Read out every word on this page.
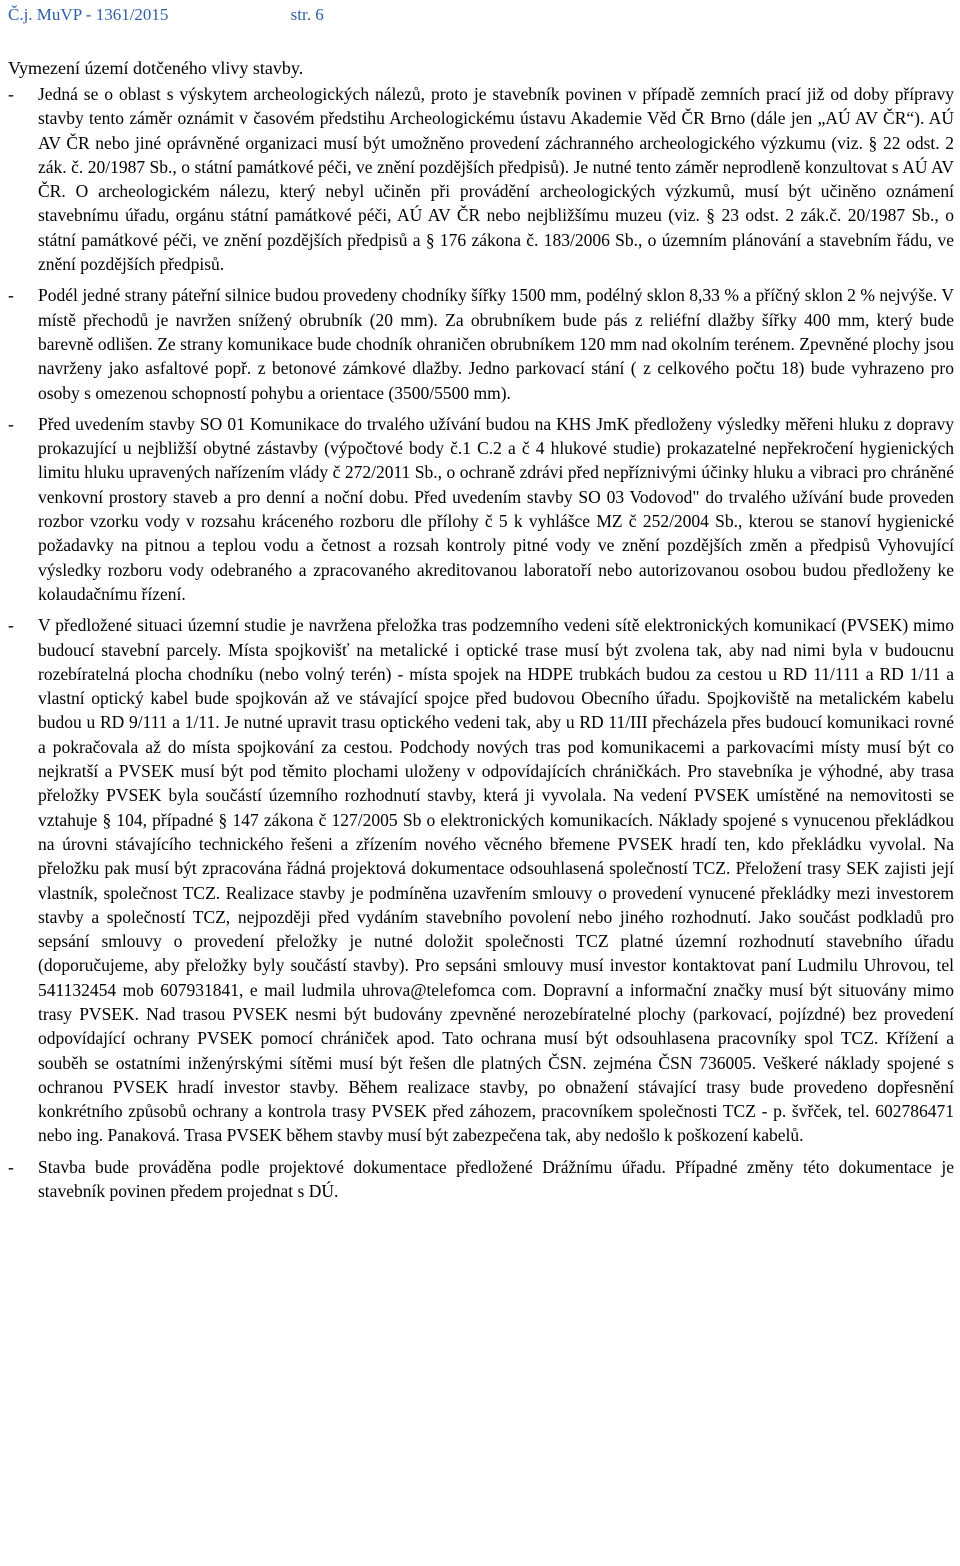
Č.j. MuVP - 1361/2015	str. 6
Vymezení území dotčeného vlivy stavby.
- Jedná se o oblast s výskytem archeologických nálezů, proto je stavebník povinen v případě zemních prací již od doby přípravy stavby tento záměr oznámit v časovém předstihu Archeologickému ústavu Akademie Věd ČR Brno (dále jen „AÚ AV ČR“). AÚ AV ČR nebo jiné oprávněné organizaci musí být umožněno provedení záchranného archeologického výzkumu (viz. § 22 odst. 2 zák. č. 20/1987 Sb., o státní památkové péči, ve znění pozdějších předpisů). Je nutné tento záměr neprodleně konzultovat s AÚ AV ČR. O archeologickém nálezu, který nebyl učiněn při provádění archeologických výzkumů, musí být učiněno oznámení stavebnímu úřadu, orgánu státní památkové péči, AÚ AV ČR nebo nejbližšímu muzeu (viz. § 23 odst. 2 zák.č. 20/1987 Sb., o státní památkové péči, ve znění pozdějších předpisů a § 176 zákona č. 183/2006 Sb., o územním plánování a stavebním řádu, ve znění pozdějších předpisů.
- Podél jedné strany páteřní silnice budou provedeny chodníky šířky 1500 mm, podélný sklon 8,33 % a příčný sklon 2 % nejvýše. V místě přechodů je navržen snížený obrubník (20 mm). Za obrubníkem bude pás z reliéfní dlažby šířky 400 mm, který bude barevně odlišen. Ze strany komunikace bude chodník ohraničen obrubníkem 120 mm nad okolním terénem. Zpevněné plochy jsou navrženy jako asfaltové popř. z betonové zámkové dlažby. Jedno parkovací stání ( z celkového počtu 18) bude vyhrazeno pro osoby s omezenou schopností pohybu a orientace (3500/5500 mm).
- Před uvedením stavby SO 01 Komunikace do trvalého užívání budou na KHS JmK předloženy výsledky měřeni hluku z dopravy prokazující u nejbližší obytné zástavby (výpočtové body č.1 C.2 a č 4 hlukové studie) prokazatelné nepřekročení hygienických limitu hluku upravených nařízením vlády č 272/2011 Sb., o ochraně zdrávi před nepříznivými účinky hluku a vibraci pro chráněné venkovní prostory staveb a pro denní a noční dobu. Před uvedením stavby SO 03 Vodovod" do trvalého užívání bude proveden rozbor vzorku vody v rozsahu kráceného rozboru dle přílohy č 5 k vyhlášce MZ č 252/2004 Sb., kterou se stanoví hygienické požadavky na pitnou a teplou vodu a četnost a rozsah kontroly pitné vody ve znění pozdějších změn a předpisů Vyhovující výsledky rozboru vody odebraného a zpracovaného akreditovanou laboratoří nebo autorizovanou osobou budou předloženy ke kolaudačnímu řízení.
- V předložené situaci územní studie je navržena přeložka tras podzemního vedeni sítě elektronických komunikací (PVSEK) mimo budoucí stavební parcely. Místa spojkovišť na metalické i optické trase musí být zvolena tak, aby nad nimi byla v budoucnu rozebíratelná plocha chodníku (nebo volný terén) - místa spojek na HDPE trubkách budou za cestou u RD 11/111 a RD 1/11 a vlastní optický kabel bude spojkován až ve stávající spojce před budovou Obecního úřadu. Spojkoviště na metalickém kabelu budou u RD 9/111 a 1/11. Je nutné upravit trasu optického vedeni tak, aby u RD 11/III přecházela přes budoucí komunikaci rovné a pokračovala až do místa spojkování za cestou. Podchody nových tras pod komunikacemi a parkovacími místy musí být co nejkratší a PVSEK musí být pod těmito plochami uloženy v odpovídajících chráničkách. Pro stavebníka je výhodné, aby trasa přeložky PVSEK byla součástí územního rozhodnutí stavby, která ji vyvolala. Na vedení PVSEK umístěné na nemovitosti se vztahuje § 104, případné § 147 zákona č 127/2005 Sb o elektronických komunikacích. Náklady spojené s vynucenou překládkou na úrovni stávajícího technického řešeni a zřízením nového věcného břemene PVSEK hradí ten, kdo překládku vyvolal. Na přeložku pak musí být zpracována řádná projektová dokumentace odsouhlasená společností TCZ. Přeložení trasy SEK zajisti její vlastník, společnost TCZ. Realizace stavby je podmíněna uzavřením smlouvy o provedení vynucené překládky mezi investorem stavby a společností TCZ, nejpozději před vydáním stavebního povolení nebo jiného rozhodnutí. Jako součást podkladů pro sepsání smlouvy o provedení přeložky je nutné doložit společnosti TCZ platné územní rozhodnutí stavebního úřadu (doporučujeme, aby přeložky byly součástí stavby). Pro sepsáni smlouvy musí investor kontaktovat paní Ludmilu Uhrovou, tel 541132454 mob 607931841, e mail ludmila uhrova@telefomca com. Dopravní a informační značky musí být situovány mimo trasy PVSEK. Nad trasou PVSEK nesmi být budovány zpevněné nerozebíratelné plochy (parkovací, pojízdné) bez provedení odpovídající ochrany PVSEK pomocí chrániček apod. Tato ochrana musí být odsouhlasena pracovníky spol TCZ. Křížení a souběh se ostatními inženýrskými sítěmi musí být řešen dle platných ČSN. zejména ČSN 736005. Veškeré náklady spojené s ochranou PVSEK hradí investor stavby. Během realizace stavby, po obnažení stávající trasy bude provedeno dopřesnění konkrétního způsobů ochrany a kontrola trasy PVSEK před záhozem, pracovníkem společnosti TCZ - p. švřček, tel. 602786471 nebo ing. Panaková. Trasa PVSEK během stavby musí být zabezpečena tak, aby nedošlo k poškození kabelů.
- Stavba bude prováděna podle projektové dokumentace předložené Drážnímu úřadu. Případné změny této dokumentace je stavebník povinen předem projednat s DÚ.
